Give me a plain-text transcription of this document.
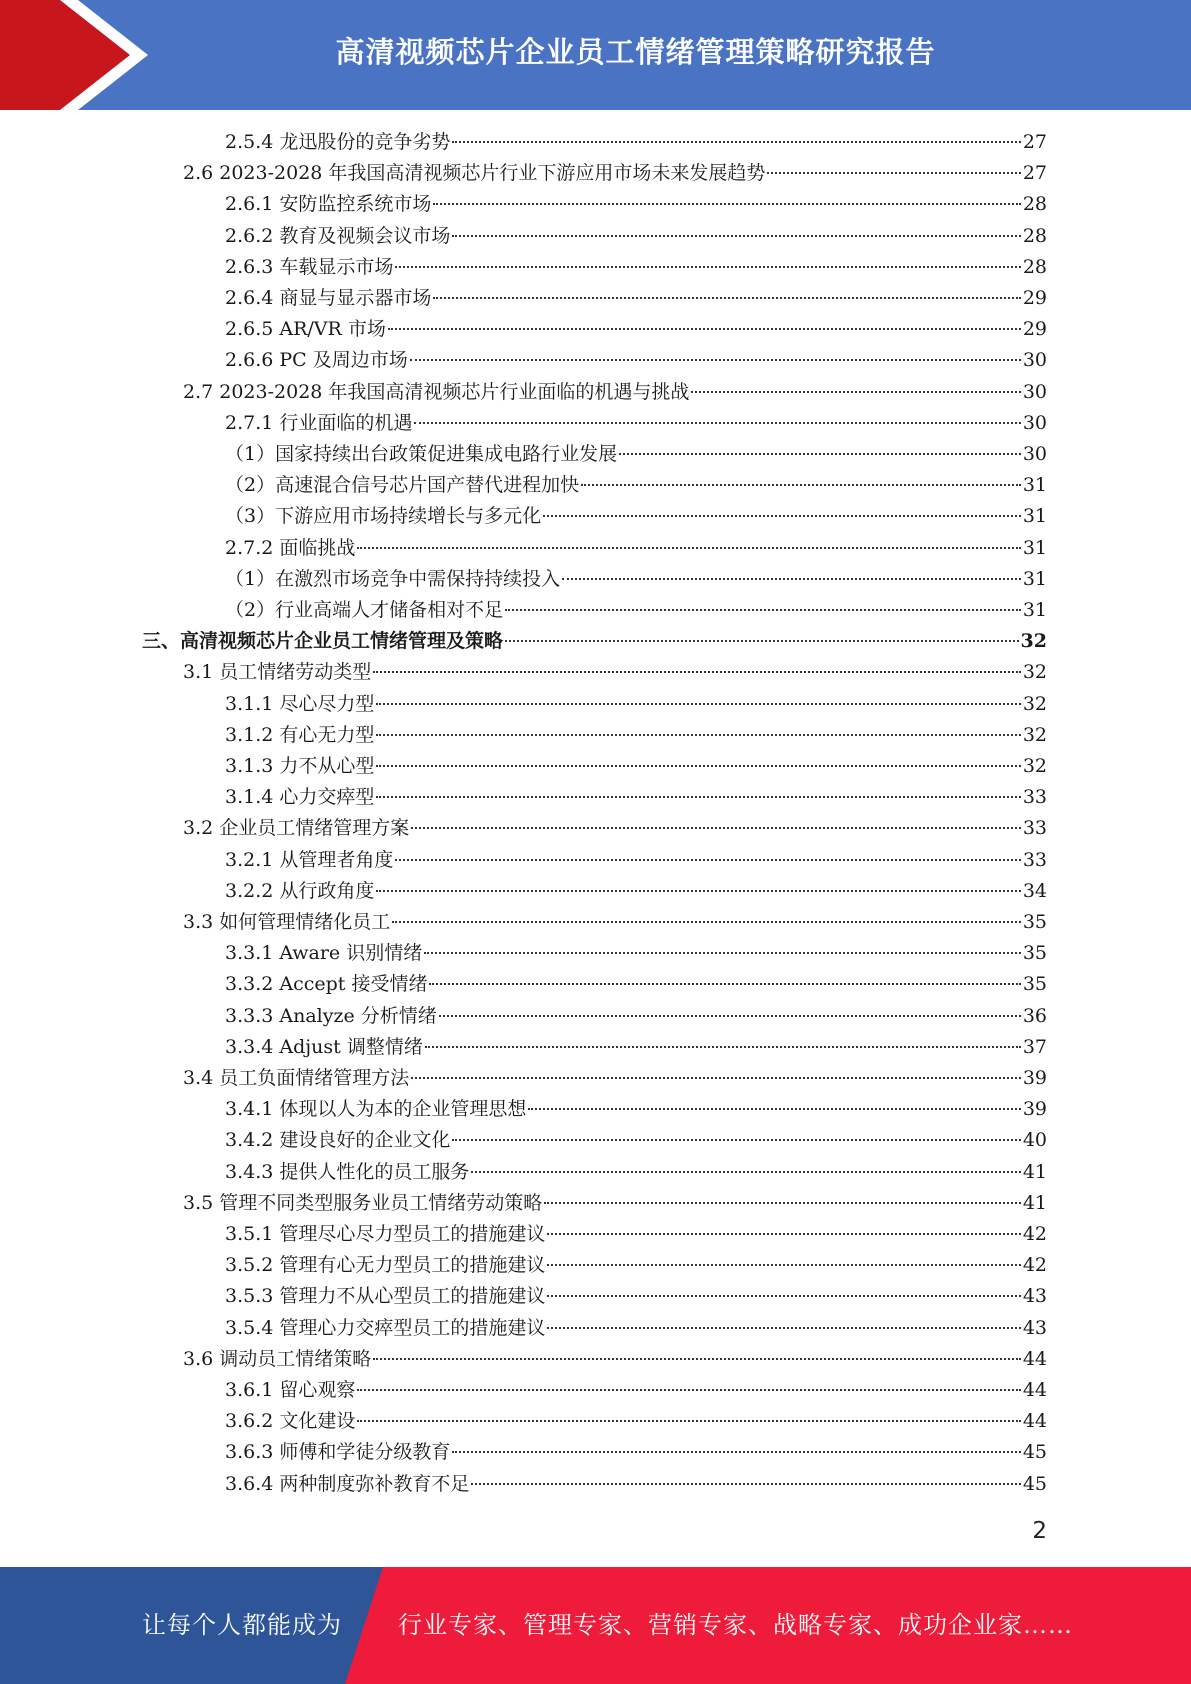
高清视频芯片企业员工情绪管理策略研究报告
2.5.4 龙迅股份的竞争劣势	27
2.6 2023-2028 年我国高清视频芯片行业下游应用市场未来发展趋势	27
2.6.1 安防监控系统市场	28
2.6.2 教育及视频会议市场	28
2.6.3 车载显示市场	28
2.6.4 商显与显示器市场	29
2.6.5 AR/VR 市场	29
2.6.6 PC 及周边市场	30
2.7 2023-2028 年我国高清视频芯片行业面临的机遇与挑战	30
2.7.1 行业面临的机遇	30
（1）国家持续出台政策促进集成电路行业发展	30
（2）高速混合信号芯片国产替代进程加快	31
（3）下游应用市场持续增长与多元化	31
2.7.2 面临挑战	31
（1）在激烈市场竞争中需保持持续投入	31
（2）行业高端人才储备相对不足	31
三、高清视频芯片企业员工情绪管理及策略	32
3.1 员工情绪劳动类型	32
3.1.1 尽心尽力型	32
3.1.2 有心无力型	32
3.1.3 力不从心型	32
3.1.4 心力交瘁型	33
3.2 企业员工情绪管理方案	33
3.2.1 从管理者角度	33
3.2.2 从行政角度	34
3.3 如何管理情绪化员工	35
3.3.1 Aware 识别情绪	35
3.3.2 Accept 接受情绪	35
3.3.3 Analyze 分析情绪	36
3.3.4 Adjust 调整情绪	37
3.4 员工负面情绪管理方法	39
3.4.1 体现以人为本的企业管理思想	39
3.4.2 建设良好的企业文化	40
3.4.3 提供人性化的员工服务	41
3.5 管理不同类型服务业员工情绪劳动策略	41
3.5.1 管理尽心尽力型员工的措施建议	42
3.5.2 管理有心无力型员工的措施建议	42
3.5.3 管理力不从心型员工的措施建议	43
3.5.4 管理心力交瘁型员工的措施建议	43
3.6 调动员工情绪策略	44
3.6.1 留心观察	44
3.6.2 文化建设	44
3.6.3 师傅和学徒分级教育	45
3.6.4 两种制度弥补教育不足	45
2
让每个人都能成为 行业专家、管理专家、营销专家、战略专家、成功企业家……
